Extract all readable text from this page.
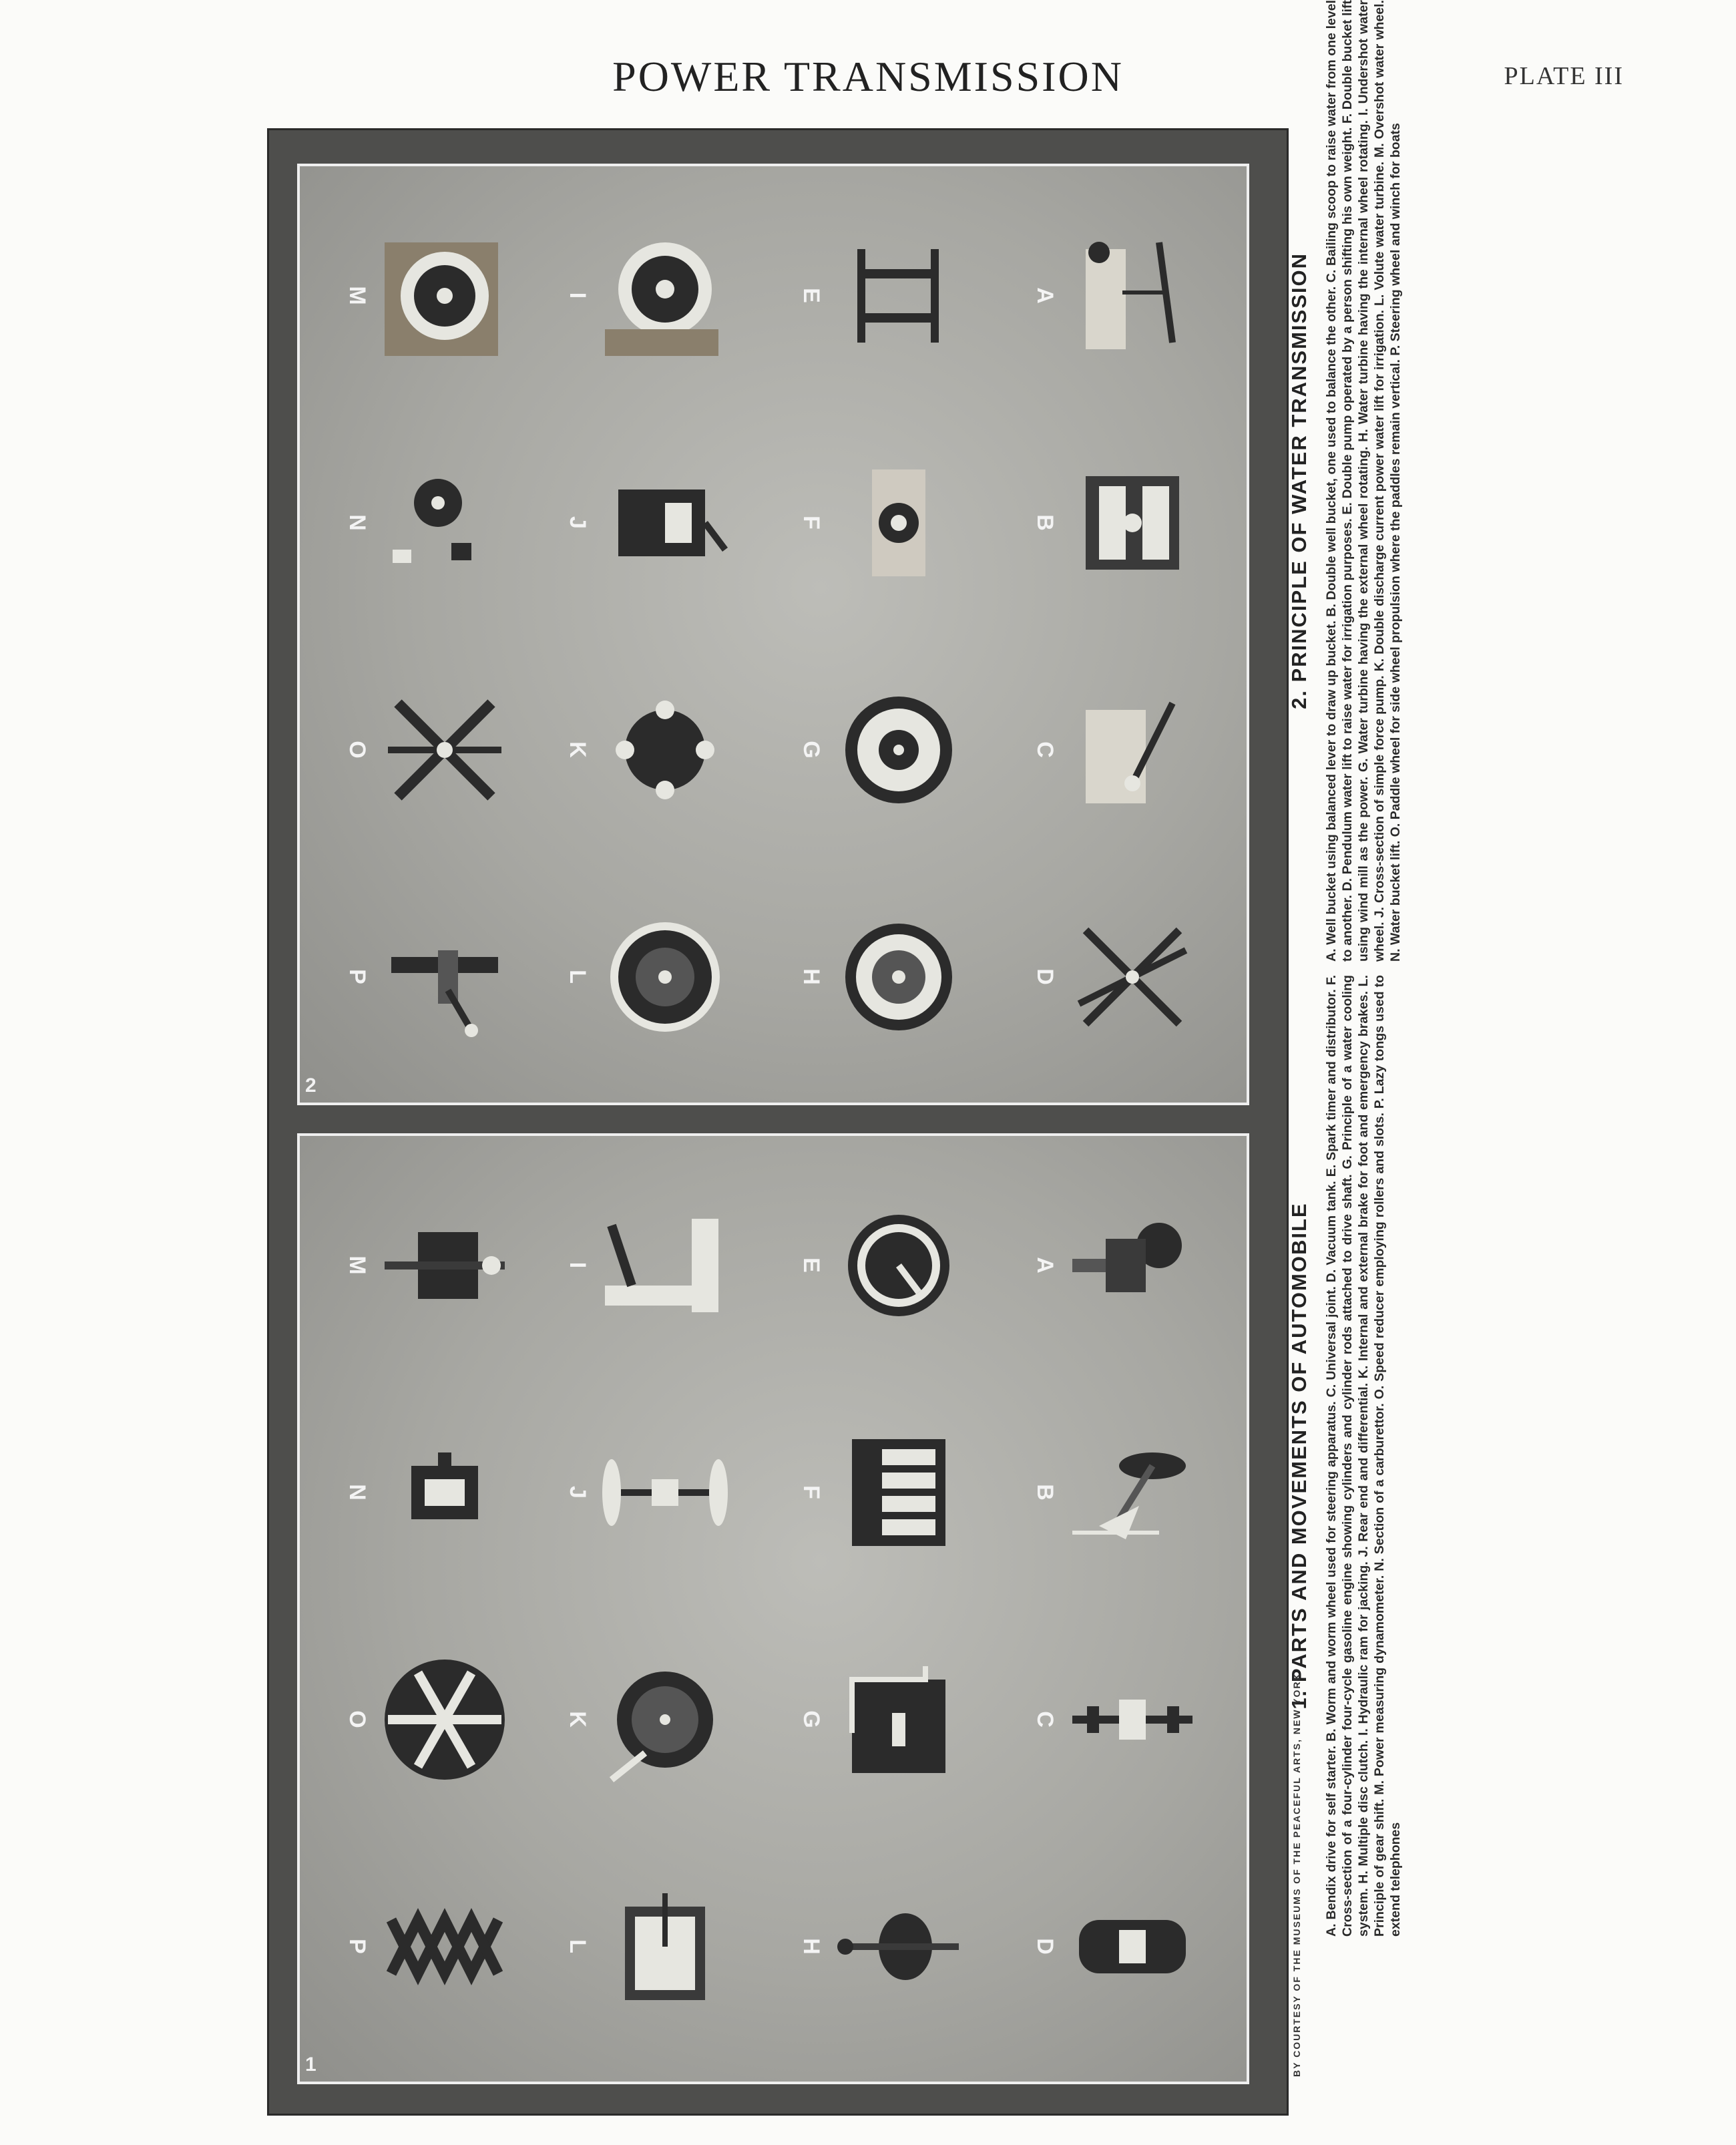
POWER TRANSMISSION	PLATE III
A
B
C
D
E
F
G
H
I
J
K
L
M
N
O
P
2
A
B
C
D
E
F
G
H
I
J
K
L
M
N
O
P
1
2. PRINCIPLE OF WATER TRANSMISSION A. Well bucket using balanced lever to draw up bucket. B. Double well bucket, one used to balance the other. C. Bailing scoop to raise water from one level to another. D. Pendulum water lift to raise water for irrigation purposes. E. Double pump operated by a person shifting his own weight. F. Double bucket lift using wind mill as the power. G. Water turbine having the external wheel rotating. H. Water turbine having the internal wheel rotating. I. Undershot water wheel. J. Cross-section of simple force pump. K. Double discharge current power water lift for irrigation. L. Volute water turbine. M. Overshot water wheel. N. Water bucket lift. O. Paddle wheel for side wheel propulsion where the paddles remain vertical. P. Steering wheel and winch for boats
1. PARTS AND MOVEMENTS OF AUTOMOBILE A. Bendix drive for self starter. B. Worm and worm wheel used for steering apparatus. C. Universal joint. D. Vacuum tank. E. Spark timer and distributor. F. Cross-section of a four-cylinder four-cycle gasoline engine showing cylinders and cylinder rods attached to drive shaft. G. Principle of a water cooling system. H. Multiple disc clutch. I. Hydraulic ram for jacking. J. Rear end and differential. K. Internal and external brake for foot and emergency brakes. L. Principle of gear shift. M. Power measuring dynamometer. N. Section of a carburettor. O. Speed reducer employing rollers and slots. P. Lazy tongs used to extend telephones
BY COURTESY OF THE MUSEUMS OF THE PEACEFUL ARTS, NEW YORK
